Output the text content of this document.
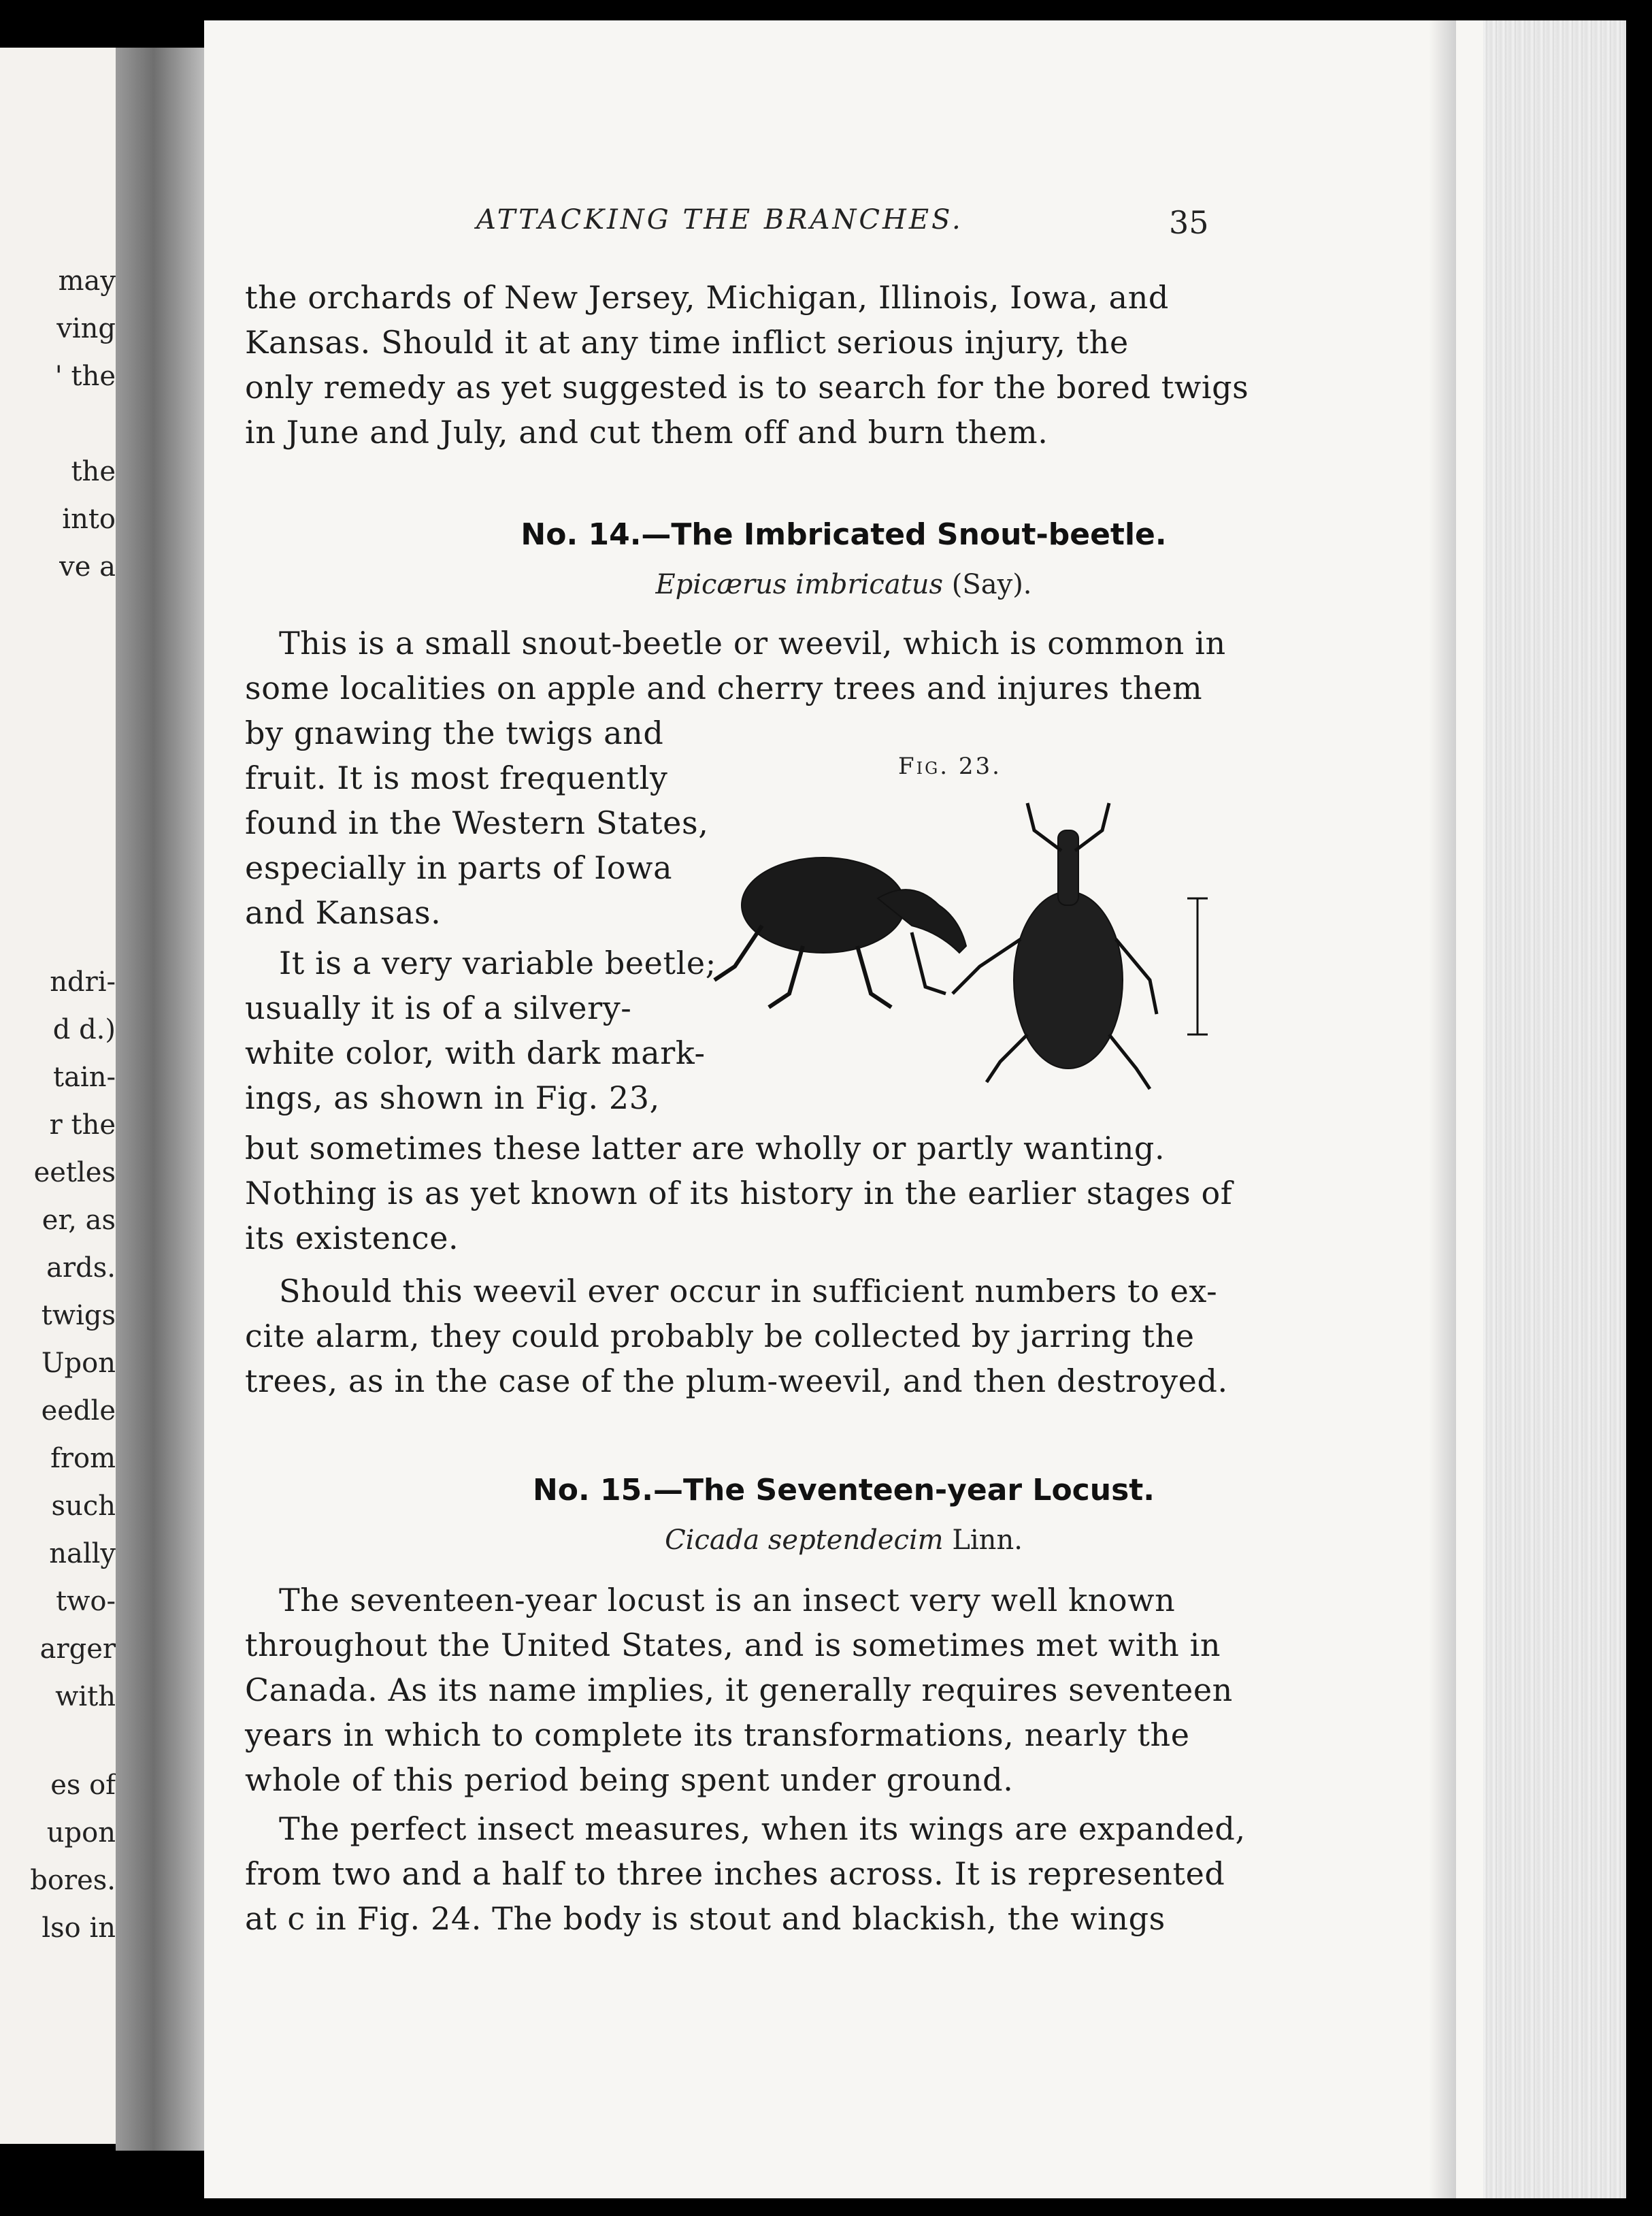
may
ving
' the
the
into
ve a
ndri-
d d.)
tain-
r the
eetles
er, as
ards.
twigs
Upon
eedle
from
such
nally
two-
arger
with
es of
upon
bores.
lso in
ATTACKING THE BRANCHES.	35
the orchards of New Jersey, Michigan, Illinois, Iowa, and
Kansas. Should it at any time inflict serious injury, the
only remedy as yet suggested is to search for the bored twigs
in June and July, and cut them off and burn them.
No. 14.—The Imbricated Snout-beetle.
Epicærus imbricatus (Say).
This is a small snout-beetle or weevil, which is common in
some localities on apple and cherry trees and injures them
by gnawing the twigs and
fruit. It is most frequently
found in the Western States,
especially in parts of Iowa
and Kansas.
It is a very variable beetle;
usually it is of a silvery-
white color, with dark mark-
ings, as shown in Fig. 23,
but sometimes these latter are wholly or partly wanting.
Nothing is as yet known of its history in the earlier stages of
its existence.
Should this weevil ever occur in sufficient numbers to ex-
cite alarm, they could probably be collected by jarring the
trees, as in the case of the plum-weevil, and then destroyed.
Fig. 23.
No. 15.—The Seventeen-year Locust.
Cicada septendecim Linn.
The seventeen-year locust is an insect very well known
throughout the United States, and is sometimes met with in
Canada. As its name implies, it generally requires seventeen
years in which to complete its transformations, nearly the
whole of this period being spent under ground.
The perfect insect measures, when its wings are expanded,
from two and a half to three inches across. It is represented
at c in Fig. 24. The body is stout and blackish, the wings
